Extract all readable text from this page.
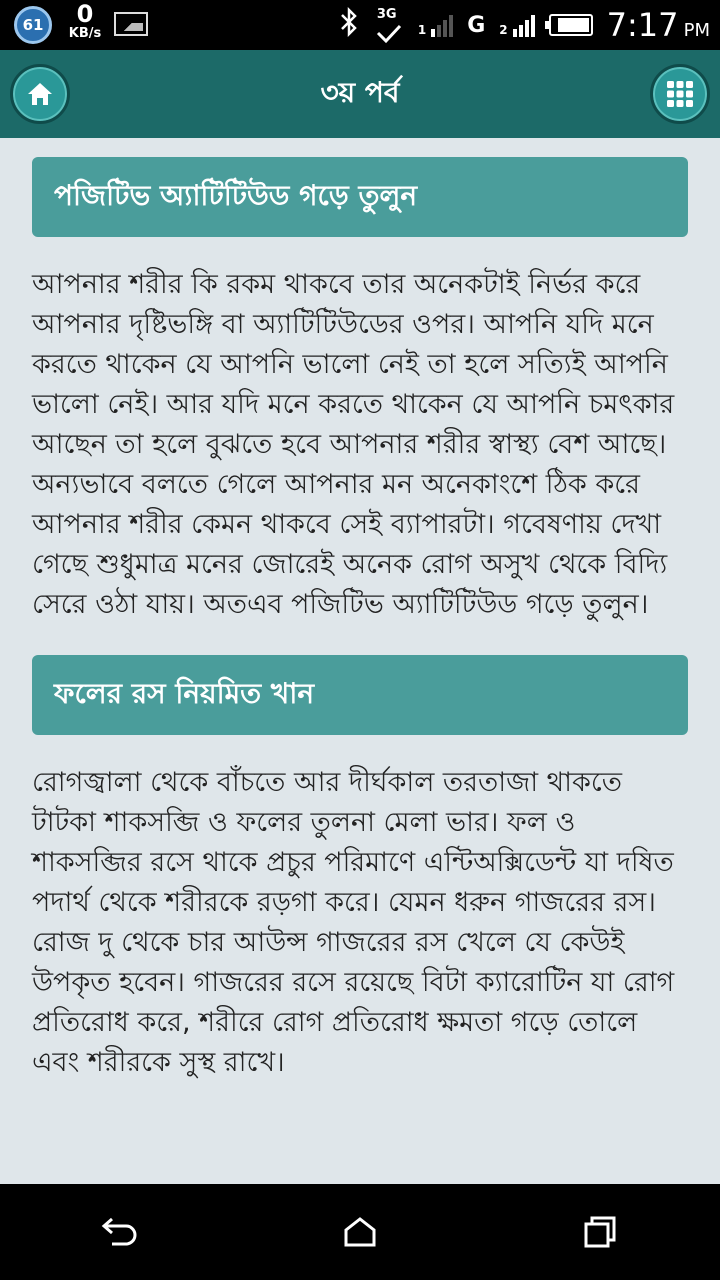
61	0
KB/s
3G
1 G 2	7:17 PM
৩য় পর্ব
পজিটিভ অ্যাটিটিউড গড়ে তুলুন
আপনার শরীর কি রকম থাকবে তার অনেকটাই নির্ভর করে আপনার দৃষ্টিভঙ্গি বা অ্যাটিটিউডের ওপর। আপনি যদি মনে করতে থাকেন যে আপনি ভালো নেই তা হলে সত্যিই আপনি ভালো নেই। আর যদি মনে করতে থাকেন যে আপনি চমৎকার আছেন তা হলে বুঝতে হবে আপনার শরীর স্বাস্থ্য বেশ আছে। অন্যভাবে বলতে গেলে আপনার মন অনেকাংশে ঠিক করে আপনার শরীর কেমন থাকবে সেই ব্যাপারটা। গবেষণায় দেখা গেছে শুধুমাত্র মনের জোরেই অনেক রোগ অসুখ থেকে বিদ্যি সেরে ওঠা যায়। অতএব পজিটিভ অ্যাটিটিউড গড়ে তুলুন।
ফলের রস নিয়মিত খান
রোগজ্বালা থেকে বাঁচতে আর দীর্ঘকাল তরতাজা থাকতে টাটকা শাকসব্জি ও ফলের তুলনা মেলা ভার। ফল ও শাকসব্জির রসে থাকে প্রচুর পরিমাণে এন্টিঅক্সিডেন্ট যা দষিত পদার্থ থেকে শরীরকে রড়গা করে। যেমন ধরুন গাজরের রস। রোজ দু থেকে চার আউন্স গাজরের রস খেলে যে কেউই উপকৃত হবেন। গাজরের রসে রয়েছে বিটা ক্যারোটিন যা রোগ প্রতিরোধ করে, শরীরে রোগ প্রতিরোধ ক্ষমতা গড়ে তোলে এবং শরীরকে সুস্থ রাখে।
